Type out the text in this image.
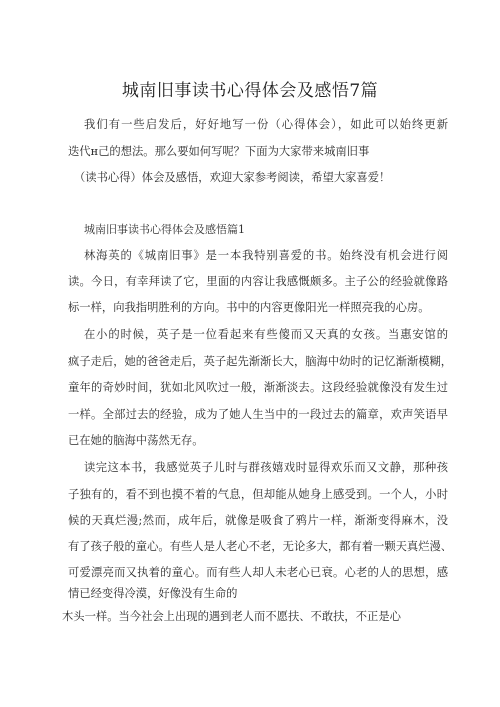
城南旧事读书心得体会及感悟7篇
我们有一些启发后，好好地写一份（心得体会），如此可以始终更新
迭代н己的想法。那么要如何写呢？下面为大家带来城南旧事
（读书心得）体会及感悟，欢迎大家参考阅读，希望大家喜爱！
城南旧事读书心得体会及感悟篇1
林海英的《城南旧事》是一本我特别喜爱的书。始终没有机会进行阅
读。今日，有幸拜读了它，里面的内容让我感慨颇多。主子公的经验就像路
标一样，向我指明胜利的方向。书中的内容更像阳光一样照亮我的心房。
在小的时候，英子是一位看起来有些傻而又天真的女孩。当惠安馆的
疯子走后，她的爸爸走后，英子起先渐渐长大，脑海中幼时的记忆渐渐模糊，
童年的奇妙时间，犹如北风吹过一般，渐渐淡去。这段经验就像没有发生过
一样。全部过去的经验，成为了她人生当中的一段过去的篇章，欢声笑语早
已在她的脑海中荡然无存。
读完这本书，我感觉英子儿时与群孩嬉戏时显得欢乐而又文静，那种孩
子独有的，看不到也摸不着的气息，但却能从她身上感受到。一个人，小时
候的天真烂漫;然而，成年后，就像是吸食了鸦片一样，渐渐变得麻木，没
有了孩子般的童心。有些人是人老心不老，无论多大，都有着一颗天真烂漫、
可爱漂亮而又执着的童心。而有些人却人未老心已衰。心老的人的思想，感
情已经变得冷漠，好像没有生命的
木头一样。当今社会上出现的遇到老人而不愿扶、不敢扶，不正是心
